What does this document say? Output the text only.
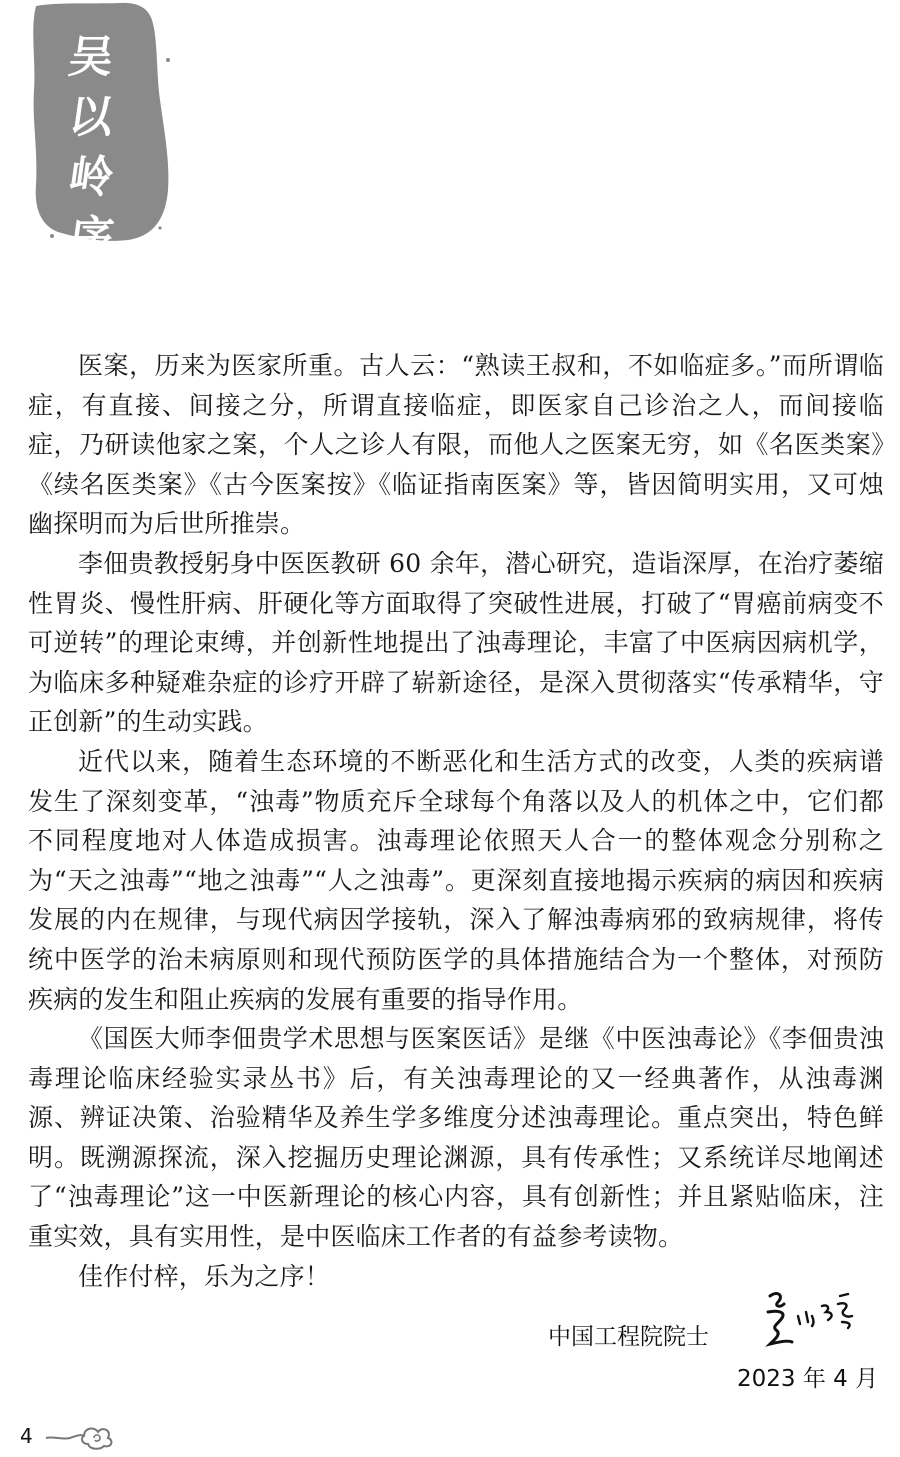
吴
以
岭
序

医案，历来为医家所重。古人云：“熟读王叔和，不如临症多。”而所谓临症，有直接、间接之分，所谓直接临症，即医家自己诊治之人，而间接临症，乃研读他家之案，个人之诊人有限，而他人之医案无穷，如《名医类案》《续名医类案》《古今医案按》《临证指南医案》等，皆因简明实用，又可烛幽探明而为后世所推崇。

李佃贵教授躬身中医医教研 60 余年，潜心研究，造诣深厚，在治疗萎缩性胃炎、慢性肝病、肝硬化等方面取得了突破性进展，打破了“胃癌前病变不可逆转”的理论束缚，并创新性地提出了浊毒理论，丰富了中医病因病机学，为临床多种疑难杂症的诊疗开辟了崭新途径，是深入贯彻落实“传承精华，守正创新”的生动实践。

近代以来，随着生态环境的不断恶化和生活方式的改变，人类的疾病谱发生了深刻变革，“浊毒”物质充斥全球每个角落以及人的机体之中，它们都不同程度地对人体造成损害。浊毒理论依照天人合一的整体观念分别称之为“天之浊毒”“地之浊毒”“人之浊毒”。更深刻直接地揭示疾病的病因和疾病发展的内在规律，与现代病因学接轨，深入了解浊毒病邪的致病规律，将传统中医学的治未病原则和现代预防医学的具体措施结合为一个整体，对预防疾病的发生和阻止疾病的发展有重要的指导作用。

《国医大师李佃贵学术思想与医案医话》是继《中医浊毒论》《李佃贵浊毒理论临床经验实录丛书》后，有关浊毒理论的又一经典著作，从浊毒渊源、辨证决策、治验精华及养生学多维度分述浊毒理论。重点突出，特色鲜明。既溯源探流，深入挖掘历史理论渊源，具有传承性；又系统详尽地阐述了“浊毒理论”这一中医新理论的核心内容，具有创新性；并且紧贴临床，注重实效，具有实用性，是中医临床工作者的有益参考读物。

佳作付梓，乐为之序！

中国工程院院士
2023 年 4 月
4
